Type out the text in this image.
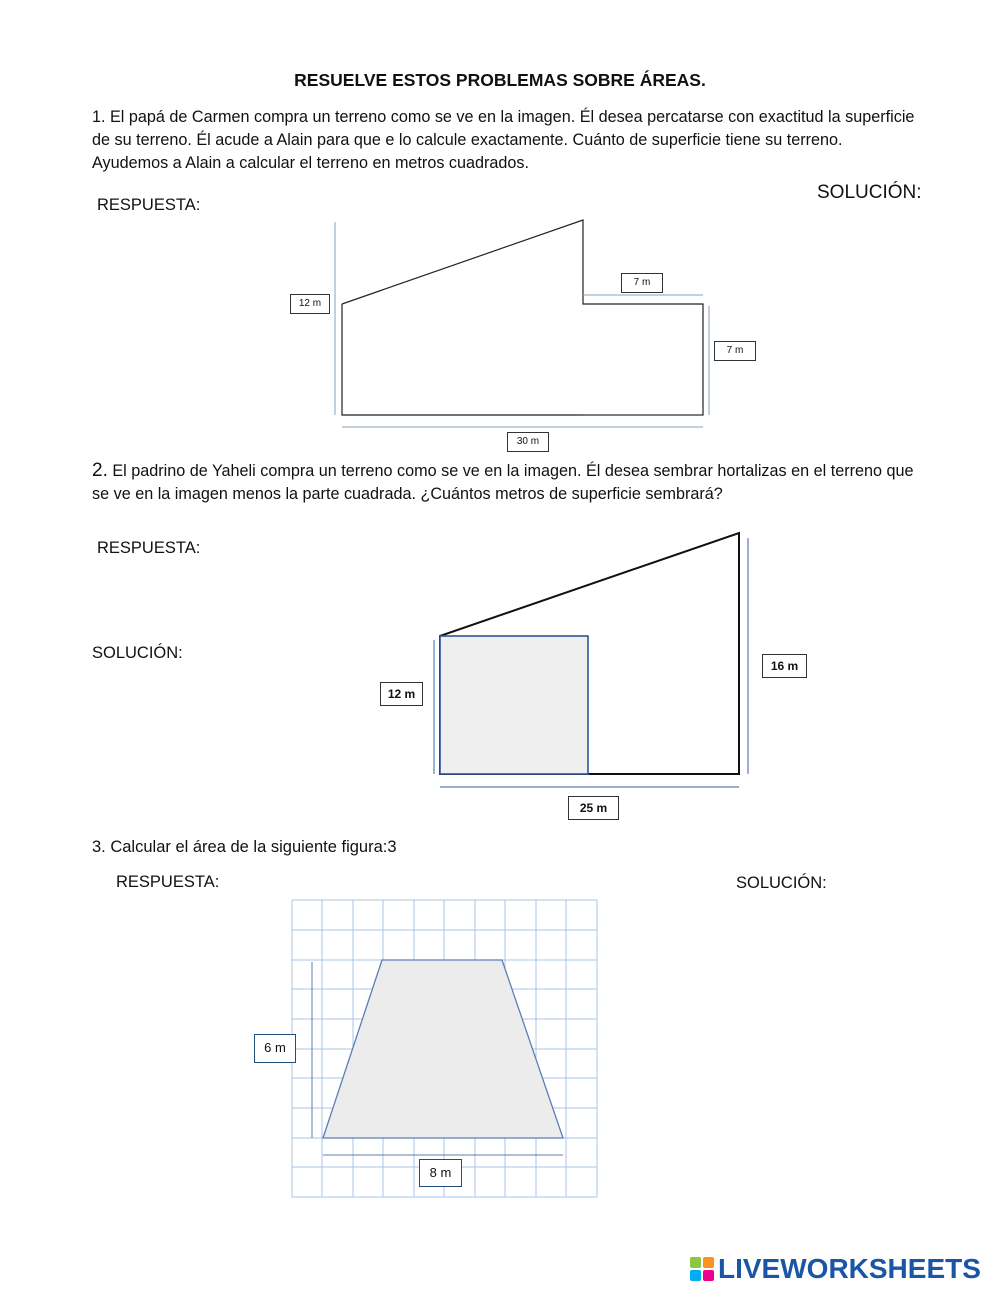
RESUELVE ESTOS PROBLEMAS SOBRE ÁREAS.
1. El papá de Carmen compra un terreno como se ve en la imagen. Él desea percatarse con exactitud la superficie de su terreno. Él acude a Alain para que e lo calcule exactamente. Cuánto de superficie tiene su terreno. Ayudemos a Alain a calcular el terreno en metros cuadrados.
RESPUESTA:
SOLUCIÓN:
12 m
7 m
7 m
30 m
2. El padrino de Yaheli compra un terreno como se ve en la imagen. Él desea sembrar hortalizas en el terreno que se ve en la imagen menos la parte cuadrada. ¿Cuántos metros de superficie sembrará?
RESPUESTA:
SOLUCIÓN:
12 m
16 m
25 m
3. Calcular el área de la siguiente figura:3
RESPUESTA:	SOLUCIÓN:
6 m
8 m
LIVEWORKSHEETS
